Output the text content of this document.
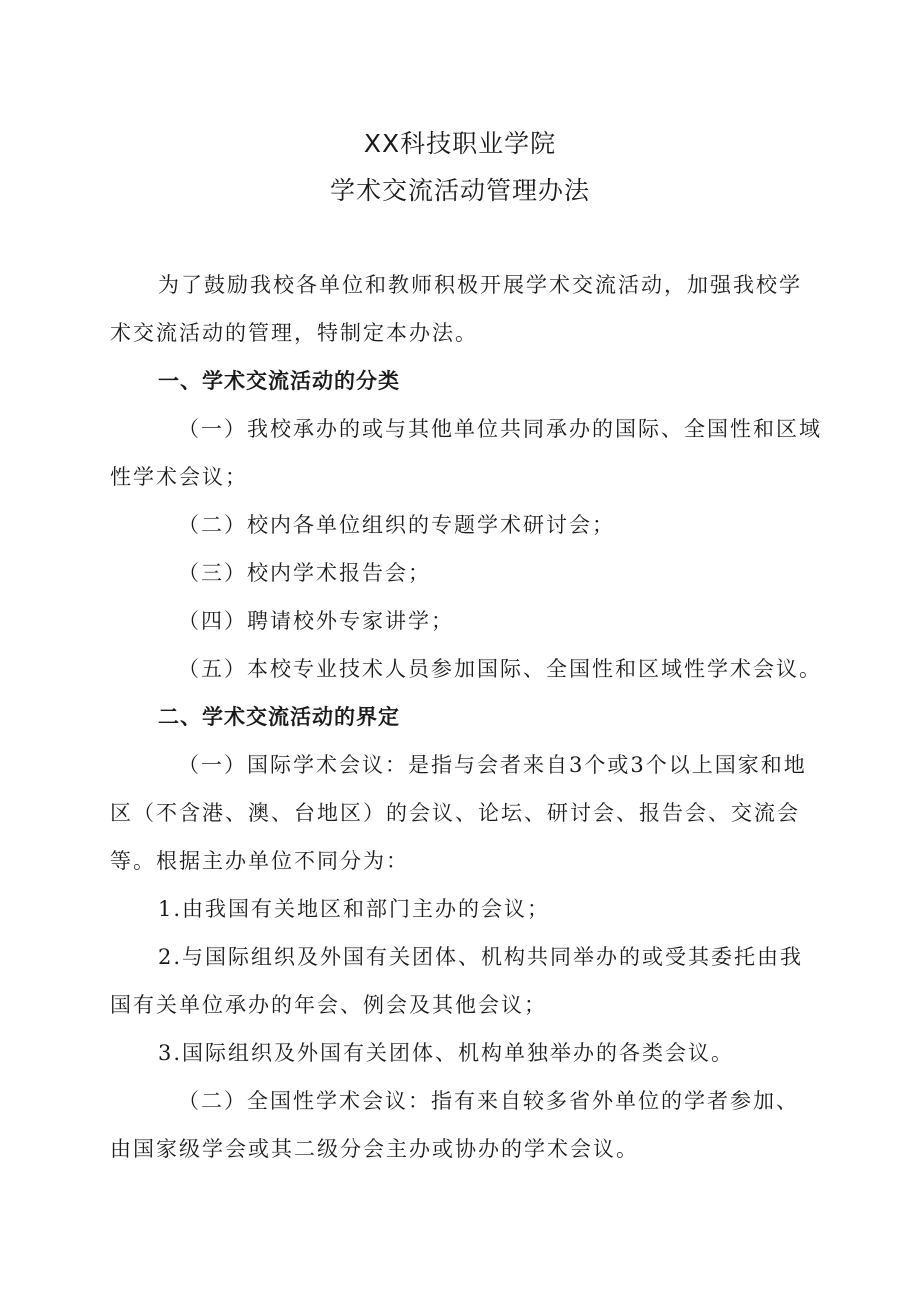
XX科技职业学院
学术交流活动管理办法
为了鼓励我校各单位和教师积极开展学术交流活动，加强我校学
术交流活动的管理，特制定本办法。
一、学术交流活动的分类
（一）我校承办的或与其他单位共同承办的国际、全国性和区域
性学术会议；
（二）校内各单位组织的专题学术研讨会；
（三）校内学术报告会；
（四）聘请校外专家讲学；
（五）本校专业技术人员参加国际、全国性和区域性学术会议。
二、学术交流活动的界定
（一）国际学术会议：是指与会者来自3个或3个以上国家和地
区（不含港、澳、台地区）的会议、论坛、研讨会、报告会、交流会
等。根据主办单位不同分为：
1.由我国有关地区和部门主办的会议；
2.与国际组织及外国有关团体、机构共同举办的或受其委托由我
国有关单位承办的年会、例会及其他会议；
3.国际组织及外国有关团体、机构单独举办的各类会议。
（二）全国性学术会议：指有来自较多省外单位的学者参加、
由国家级学会或其二级分会主办或协办的学术会议。
